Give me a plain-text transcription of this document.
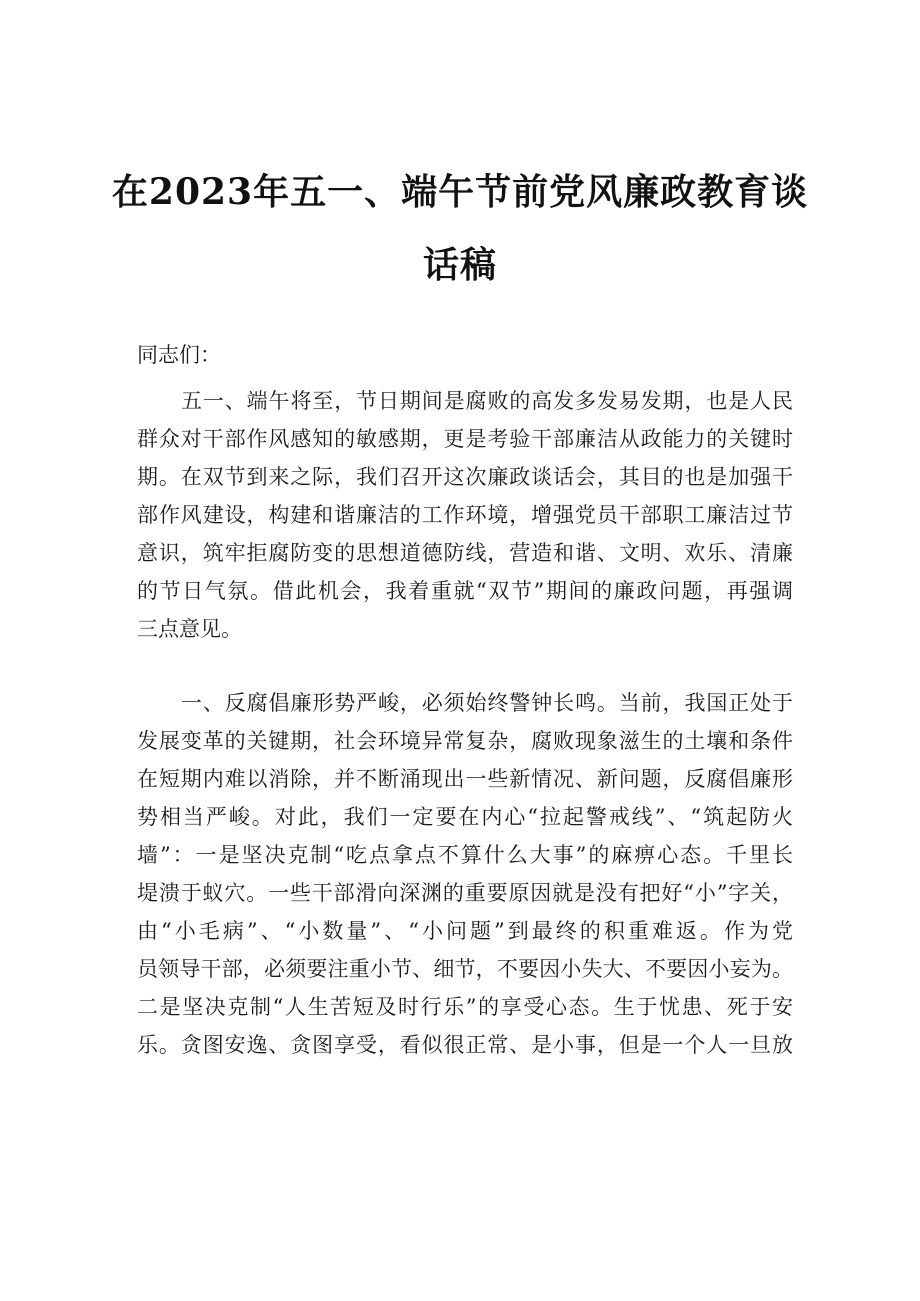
在2023年五一、端午节前党风廉政教育谈
话稿
同志们：
五一、端午将至，节日期间是腐败的高发多发易发期，也是人民
群众对干部作风感知的敏感期，更是考验干部廉洁从政能力的关键时
期。在双节到来之际，我们召开这次廉政谈话会，其目的也是加强干
部作风建设，构建和谐廉洁的工作环境，增强党员干部职工廉洁过节
意识，筑牢拒腐防变的思想道德防线，营造和谐、文明、欢乐、清廉
的节日气氛。借此机会，我着重就“双节”期间的廉政问题，再强调
三点意见。
一、反腐倡廉形势严峻，必须始终警钟长鸣。当前，我国正处于
发展变革的关键期，社会环境异常复杂，腐败现象滋生的土壤和条件
在短期内难以消除，并不断涌现出一些新情况、新问题，反腐倡廉形
势相当严峻。对此，我们一定要在内心“拉起警戒线”、“筑起防火
墙”：一是坚决克制“吃点拿点不算什么大事”的麻痹心态。千里长
堤溃于蚁穴。一些干部滑向深渊的重要原因就是没有把好“小”字关，
由“小毛病”、“小数量”、“小问题”到最终的积重难返。作为党
员领导干部，必须要注重小节、细节，不要因小失大、不要因小妄为。
二是坚决克制“人生苦短及时行乐”的享受心态。生于忧患、死于安
乐。贪图安逸、贪图享受，看似很正常、是小事，但是一个人一旦放
